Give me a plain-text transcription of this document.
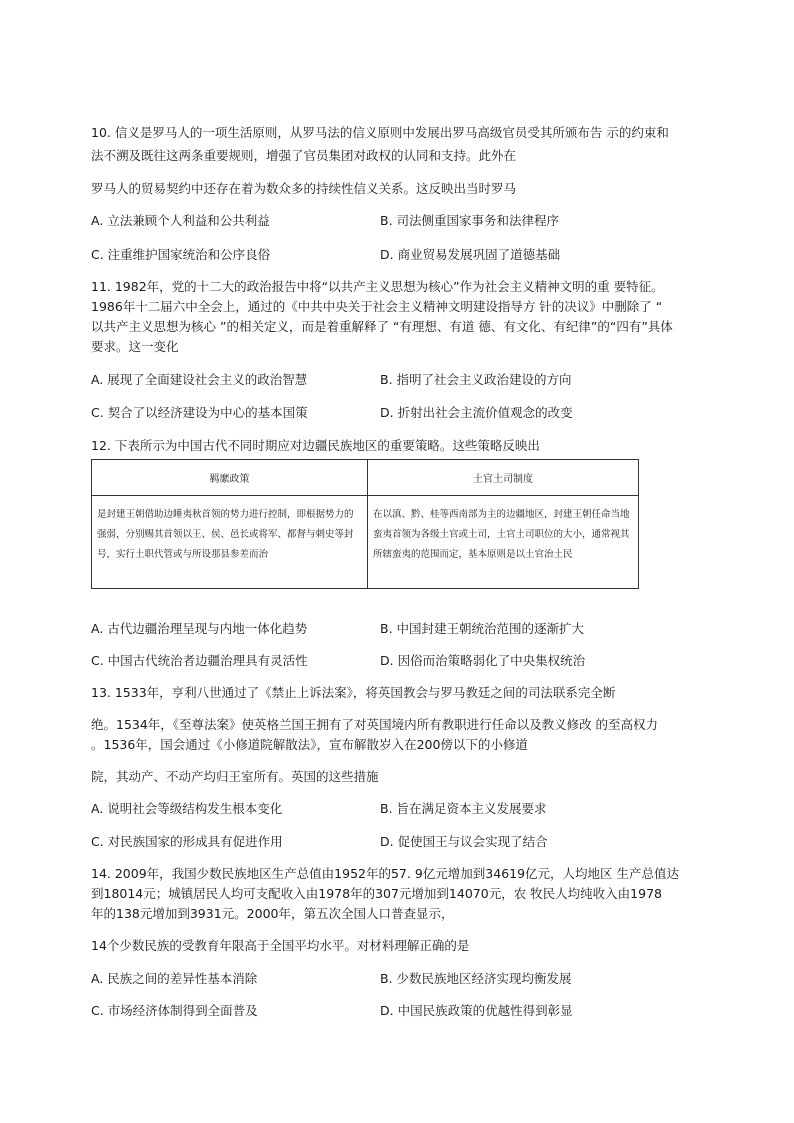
10. 信义是罗马人的一项生活原则，从罗马法的信义原则中发展出罗马高级官员受其所颁布告 示的约束和
法不溯及既往这两条重要规则，增强了官员集团对政权的认同和支持。此外在
罗马人的贸易契约中还存在着为数众多的持续性信义关系。这反映出当时罗马
A. 立法兼顾个人利益和公共利益	B. 司法侧重国家事务和法律程序
C. 注重维护国家统治和公序良俗	D. 商业贸易发展巩固了道德基础
11. 1982年，党的十二大的政治报告中将“以共产主义思想为核心”作为社会主义精神文明的重 要特征。
1986年十二届六中全会上，通过的《中共中央关于社会主义精神文明建设指导方 针的决议》中删除了 “
以共产主义思想为核心 ”的相关定义，而是着重解释了 “有理想、有道 德、有文化、有纪律”的“四有”具体
要求。这一变化
A. 展现了全面建设社会主义的政治智慧	B. 指明了社会主义政治建设的方向
C. 契合了以经济建设为中心的基本国策	D. 折射出社会主流价值观念的改变
12. 下表所示为中国古代不同时期应对边疆民族地区的重要策略。这些策略反映出
羁縻政策	土官土司制度
是封建王朝借助边睡夷秋首领的势力进行控制，即根据势力的强弱，分别赐其首领以王、侯、邑长或将军、都督与刺史等封号，实行土职代管或与所设那县参差而治	在以滇、黔、桂等西南部为主的边疆地区，封建王朝任命当地蛮夷首领为各级土官或土司，土官土司职位的大小，通常视其所辖蛮夷的范围而定，基本原则是以土官治土民
A. 古代边疆治理呈现与内地一体化趋势	B. 中国封建王朝统治范围的逐渐扩大
C. 中国古代统治者边疆治理具有灵活性	D. 因俗而治策略弱化了中央集权统治
13. 1533年，亨利八世通过了《禁止上诉法案》，将英国教会与罗马教廷之间的司法联系完全断
绝。1534年，《至尊法案》使英格兰国王拥有了对英国境内所有教职进行任命以及教义修改 的至高权力
。1536年，国会通过《小修道院解散法》，宣布解散岁入在200傍以下的小修道
院，其动产、不动产均归王室所有。英国的这些措施
A. 说明社会等级结构发生根本变化	B. 旨在满足资本主义发展要求
C. 对民族国家的形成具有促进作用	D. 促使国王与议会实现了结合
14. 2009年，我国少数民族地区生产总值由1952年的57. 9亿元增加到34619亿元，人均地区 生产总值达
到18014元；城镇居民人均可支配收入由1978年的307元增加到14070元，农 牧民人均纯收入由1978
年的138元增加到3931元。2000年，第五次全国人口普查显示，
14个少数民族的受教育年限高于全国平均水平。对材料理解正确的是
A. 民族之间的差异性基本消除	B. 少数民族地区经济实现均衡发展
C. 市场经济体制得到全面普及	D. 中国民族政策的优越性得到彰显
